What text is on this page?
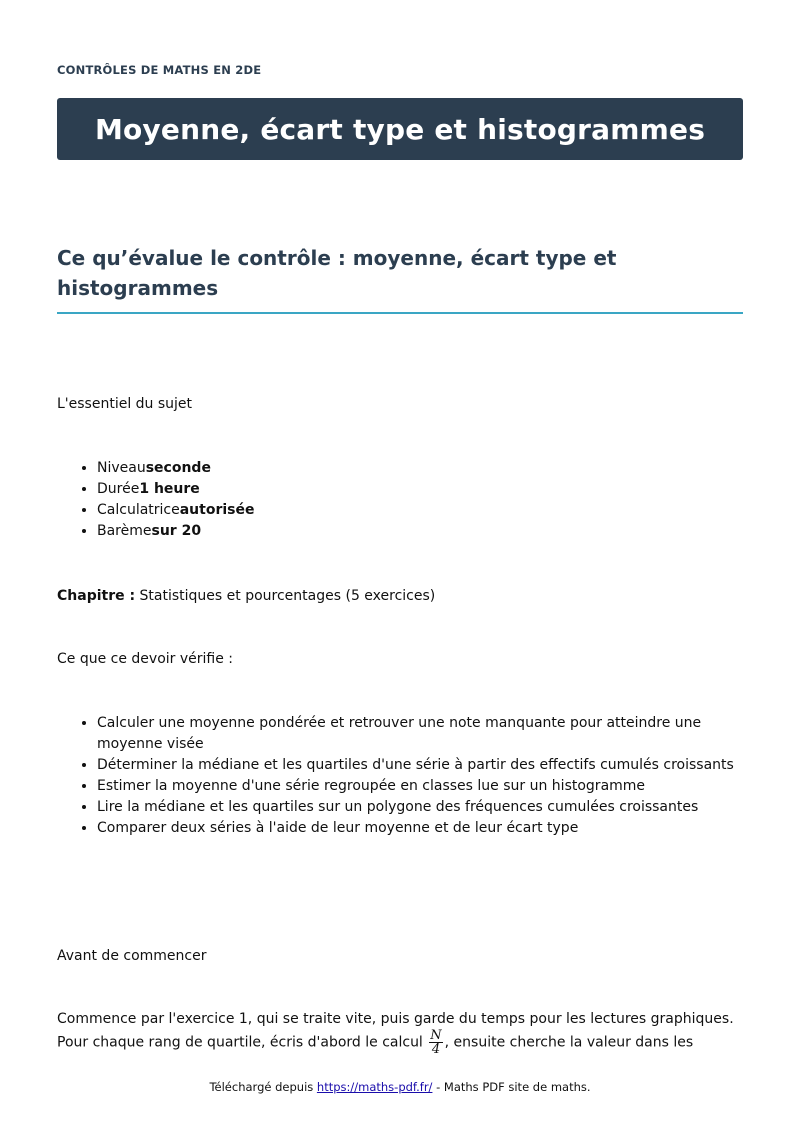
CONTRÔLES DE MATHS EN 2DE
Moyenne, écart type et histogrammes
Ce qu’évalue le contrôle : moyenne, écart type et histogrammes

L'essentiel du sujet

• Niveauseconde
• Durée1 heure
• Calculatriceautorisée
• Barèmesur 20

Chapitre : Statistiques et pourcentages (5 exercices)

Ce que ce devoir vérifie :

• Calculer une moyenne pondérée et retrouver une note manquante pour atteindre une moyenne visée
• Déterminer la médiane et les quartiles d'une série à partir des effectifs cumulés croissants
• Estimer la moyenne d'une série regroupée en classes lue sur un histogramme
• Lire la médiane et les quartiles sur un polygone des fréquences cumulées croissantes
• Comparer deux séries à l'aide de leur moyenne et de leur écart type

Avant de commencer

Commence par l'exercice 1, qui se traite vite, puis garde du temps pour les lectures graphiques.

Pour chaque rang de quartile, écris d'abord le calcul $\frac{N}{4}$ , ensuite cherche la valeur dans les

Téléchargé depuis https://maths-pdf.fr/ - Maths PDF site de maths.
